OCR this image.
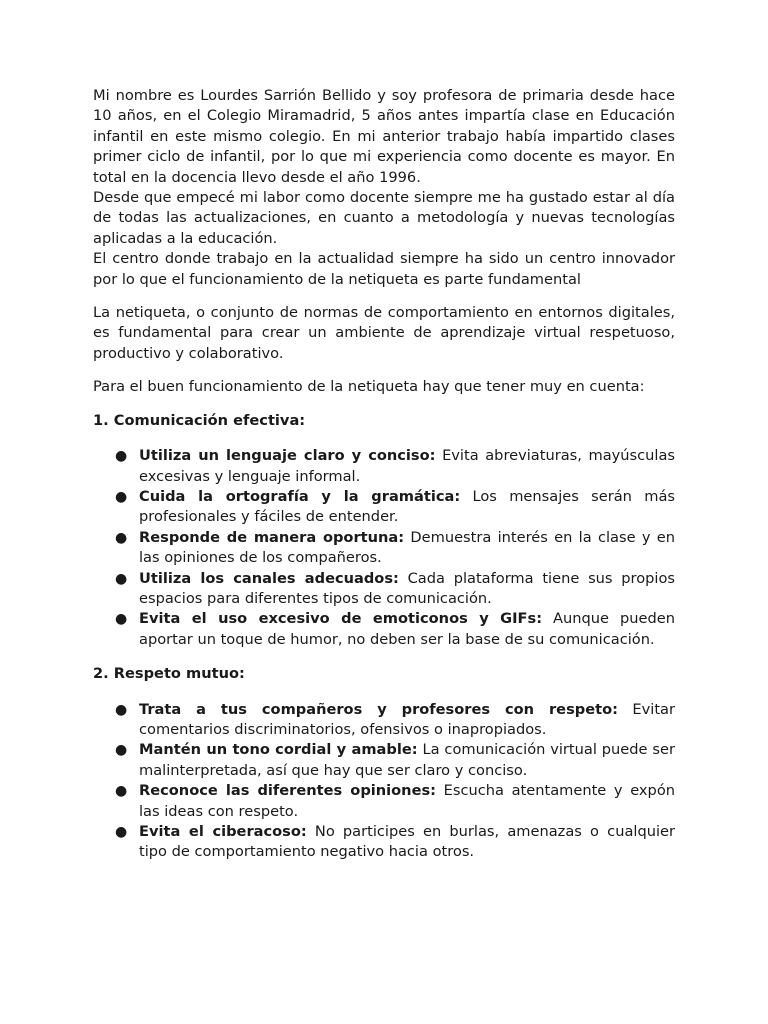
Mi nombre es Lourdes Sarrión Bellido y soy profesora de primaria desde hace 10 años, en el Colegio Miramadrid, 5 años antes impartía clase en Educación infantil en este mismo colegio. En mi anterior trabajo había impartido clases primer ciclo de infantil, por lo que mi experiencia como docente es mayor. En total en la docencia llevo desde el año 1996.

Desde que empecé mi labor como docente siempre me ha gustado estar al día de todas las actualizaciones, en cuanto a metodología y nuevas tecnologías aplicadas a la educación.

El centro donde trabajo en la actualidad siempre ha sido un centro innovador por lo que el funcionamiento de la netiqueta es parte fundamental

La netiqueta, o conjunto de normas de comportamiento en entornos digitales, es fundamental para crear un ambiente de aprendizaje virtual respetuoso, productivo y colaborativo.

Para el buen funcionamiento de la netiqueta hay que tener muy en cuenta:

1. Comunicación efectiva:

● Utiliza un lenguaje claro y conciso: Evita abreviaturas, mayúsculas excesivas y lenguaje informal.
● Cuida la ortografía y la gramática: Los mensajes serán más profesionales y fáciles de entender.
● Responde de manera oportuna: Demuestra interés en la clase y en las opiniones de los compañeros.
● Utiliza los canales adecuados: Cada plataforma tiene sus propios espacios para diferentes tipos de comunicación.
● Evita el uso excesivo de emoticonos y GIFs: Aunque pueden aportar un toque de humor, no deben ser la base de su comunicación.

2. Respeto mutuo:

● Trata a tus compañeros y profesores con respeto: Evitar comentarios discriminatorios, ofensivos o inapropiados.
● Mantén un tono cordial y amable: La comunicación virtual puede ser malinterpretada, así que hay que ser claro y conciso.
● Reconoce las diferentes opiniones: Escucha atentamente y expón las ideas con respeto.
● Evita el ciberacoso: No participes en burlas, amenazas o cualquier tipo de comportamiento negativo hacia otros.
